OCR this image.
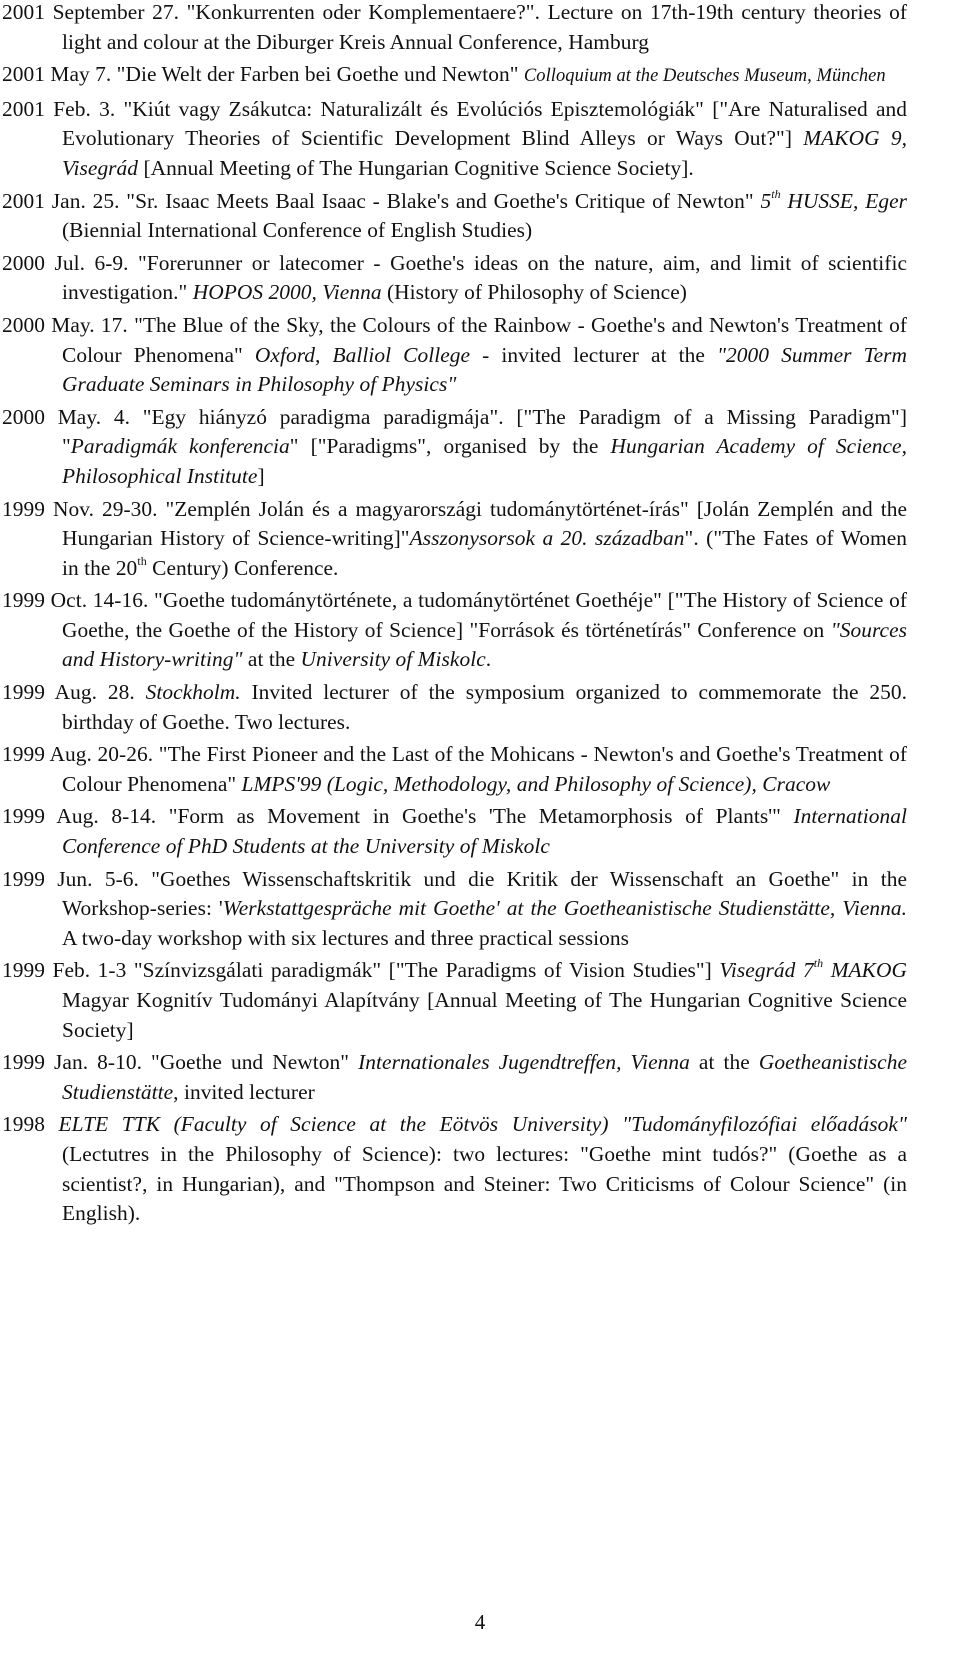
2001 September 27. "Konkurrenten oder Komplementaere?". Lecture on 17th-19th century theories of light and colour at the Diburger Kreis Annual Conference, Hamburg

2001 May 7. "Die Welt der Farben bei Goethe und Newton" Colloquium at the Deutsches Museum, München

2001 Feb. 3. "Kiút vagy Zsákutca: Naturalizált és Evolúciós Episztemológiák" ["Are Naturalised and Evolutionary Theories of Scientific Development Blind Alleys or Ways Out?"] MAKOG 9, Visegrád [Annual Meeting of The Hungarian Cognitive Science Society].

2001 Jan. 25. "Sr. Isaac Meets Baal Isaac - Blake's and Goethe's Critique of Newton" 5th HUSSE, Eger (Biennial International Conference of English Studies)

2000 Jul. 6-9. "Forerunner or latecomer - Goethe's ideas on the nature, aim, and limit of scientific investigation." HOPOS 2000, Vienna (History of Philosophy of Science)

2000 May. 17. "The Blue of the Sky, the Colours of the Rainbow - Goethe's and Newton's Treatment of Colour Phenomena" Oxford, Balliol College - invited lecturer at the "2000 Summer Term Graduate Seminars in Philosophy of Physics"

2000 May. 4. "Egy hiányzó paradigma paradigmája". ["The Paradigm of a Missing Paradigm"] "Paradigmák konferencia" ["Paradigms", organised by the Hungarian Academy of Science, Philosophical Institute]

1999 Nov. 29-30. "Zemplén Jolán és a magyarországi tudománytörténet-írás" [Jolán Zemplén and the Hungarian History of Science-writing]"Asszonysorsok a 20. században". ("The Fates of Women in the 20th Century) Conference.

1999 Oct. 14-16. "Goethe tudománytörténete, a tudománytörténet Goethéje" ["The History of Science of Goethe, the Goethe of the History of Science] "Források és történetírás" Conference on "Sources and History-writing" at the University of Miskolc.

1999 Aug. 28. Stockholm. Invited lecturer of the symposium organized to commemorate the 250. birthday of Goethe. Two lectures.

1999 Aug. 20-26. "The First Pioneer and the Last of the Mohicans - Newton's and Goethe's Treatment of Colour Phenomena" LMPS'99 (Logic, Methodology, and Philosophy of Science), Cracow

1999 Aug. 8-14. "Form as Movement in Goethe's 'The Metamorphosis of Plants'" International Conference of PhD Students at the University of Miskolc

1999 Jun. 5-6. "Goethes Wissenschaftskritik und die Kritik der Wissenschaft an Goethe" in the Workshop-series: 'Werkstattgespräche mit Goethe' at the Goetheanistische Studienstätte, Vienna. A two-day workshop with six lectures and three practical sessions

1999 Feb. 1-3 "Színvizsgálati paradigmák" ["The Paradigms of Vision Studies"] Visegrád 7th MAKOG Magyar Kognitív Tudományi Alapítvány [Annual Meeting of The Hungarian Cognitive Science Society]

1999 Jan. 8-10. "Goethe und Newton" Internationales Jugendtreffen, Vienna at the Goetheanistische Studienstätte, invited lecturer

1998 ELTE TTK (Faculty of Science at the Eötvös University) "Tudományfilozófiai előadások" (Lectutres in the Philosophy of Science): two lectures: "Goethe mint tudós?" (Goethe as a scientist?, in Hungarian), and "Thompson and Steiner: Two Criticisms of Colour Science" (in English).

4
